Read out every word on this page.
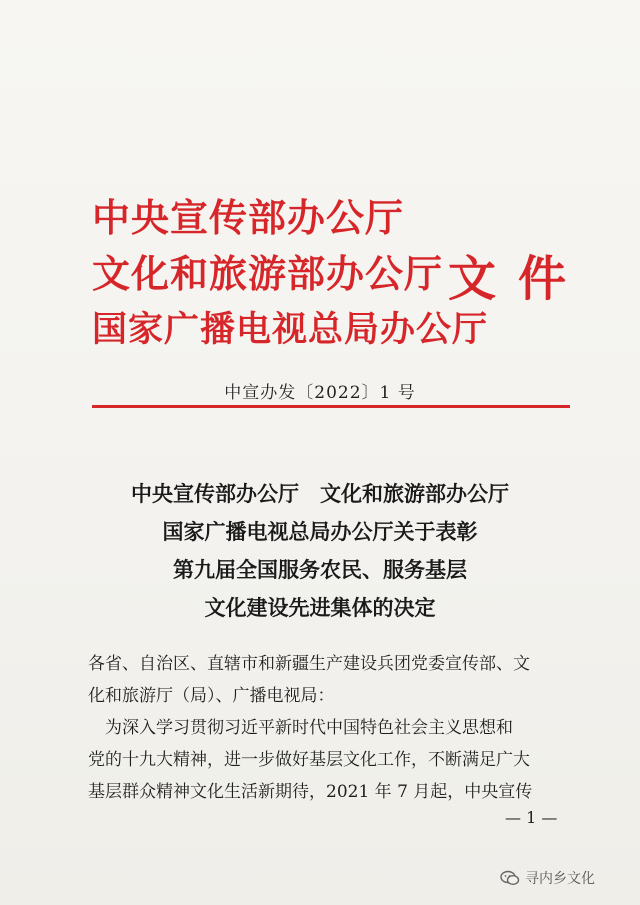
中央宣传部办公厅
文化和旅游部办公厅
国家广播电视总局办公厅
文件
中宣办发〔2022〕1 号
中央宣传部办公厅　文化和旅游部办公厅
国家广播电视总局办公厅关于表彰
第九届全国服务农民、服务基层
文化建设先进集体的决定

各省、自治区、直辖市和新疆生产建设兵团党委宣传部、文

化和旅游厅（局）、广播电视局：

　为深入学习贯彻习近平新时代中国特色社会主义思想和

党的十九大精神，进一步做好基层文化工作，不断满足广大

基层群众精神文化生活新期待，2021 年 7 月起，中央宣传

— 1 —
寻内乡文化
